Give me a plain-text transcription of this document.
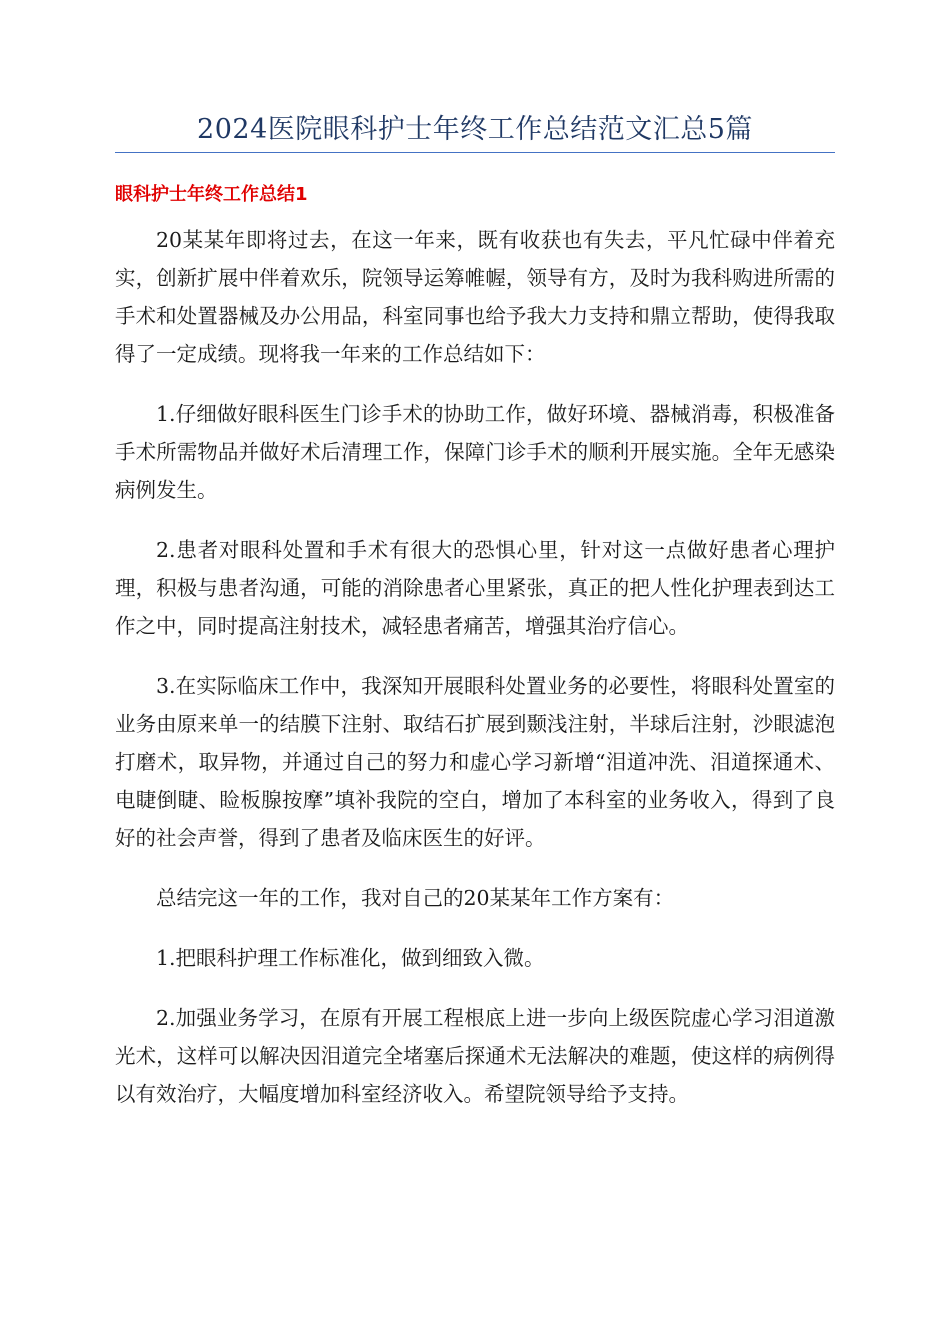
2024医院眼科护士年终工作总结范文汇总5篇
眼科护士年终工作总结1

20某某年即将过去，在这一年来，既有收获也有失去，平凡忙碌中伴着充实，创新扩展中伴着欢乐，院领导运筹帷幄，领导有方，及时为我科购进所需的手术和处置器械及办公用品，科室同事也给予我大力支持和鼎立帮助，使得我取得了一定成绩。现将我一年来的工作总结如下：

1.仔细做好眼科医生门诊手术的协助工作，做好环境、器械消毒，积极准备手术所需物品并做好术后清理工作，保障门诊手术的顺利开展实施。全年无感染病例发生。

2.患者对眼科处置和手术有很大的恐惧心里，针对这一点做好患者心理护理，积极与患者沟通，可能的消除患者心里紧张，真正的把人性化护理表到达工作之中，同时提高注射技术，减轻患者痛苦，增强其治疗信心。

3.在实际临床工作中，我深知开展眼科处置业务的必要性，将眼科处置室的业务由原来单一的结膜下注射、取结石扩展到颞浅注射，半球后注射，沙眼滤泡打磨术，取异物，并通过自己的努力和虚心学习新增“泪道冲洗、泪道探通术、电睫倒睫、睑板腺按摩”填补我院的空白，增加了本科室的业务收入，得到了良好的社会声誉，得到了患者及临床医生的好评。

总结完这一年的工作，我对自己的20某某年工作方案有：

1.把眼科护理工作标准化，做到细致入微。

2.加强业务学习，在原有开展工程根底上进一步向上级医院虚心学习泪道激光术，这样可以解决因泪道完全堵塞后探通术无法解决的难题，使这样的病例得以有效治疗，大幅度增加科室经济收入。希望院领导给予支持。
